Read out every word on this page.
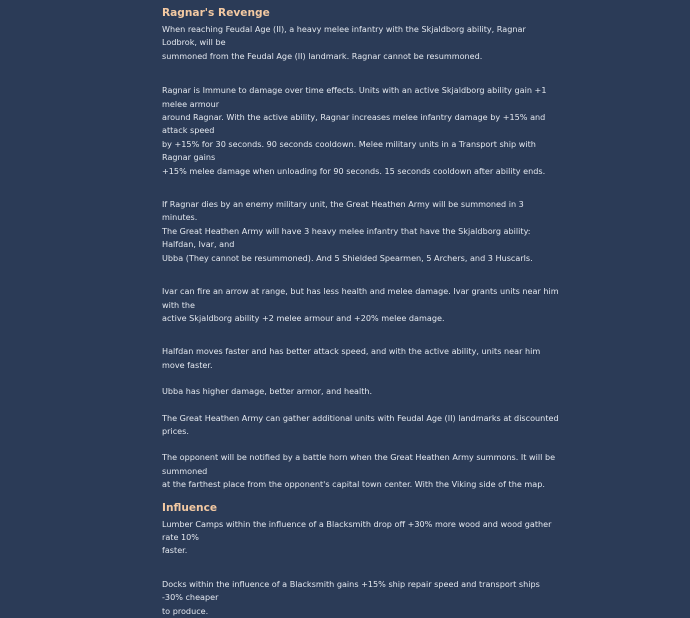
Ragnar's Revenge

When reaching Feudal Age (II), a heavy melee infantry with the Skjaldborg ability, Ragnar Lodbrok, will be
summoned from the Feudal Age (II) landmark. Ragnar cannot be resummoned.

Ragnar is Immune to damage over time effects. Units with an active Skjaldborg ability gain +1 melee armour
around Ragnar. With the active ability, Ragnar increases melee infantry damage by +15% and attack speed
by +15% for 30 seconds. 90 seconds cooldown. Melee military units in a Transport ship with Ragnar gains
+15% melee damage when unloading for 90 seconds. 15 seconds cooldown after ability ends.

If Ragnar dies by an enemy military unit, the Great Heathen Army will be summoned in 3 minutes.
The Great Heathen Army will have 3 heavy melee infantry that have the Skjaldborg ability: Halfdan, Ivar, and
Ubba (They cannot be resummoned). And 5 Shielded Spearmen, 5 Archers, and 3 Huscarls.

Ivar can fire an arrow at range, but has less health and melee damage. Ivar grants units near him with the
active Skjaldborg ability +2 melee armour and +20% melee damage.

Halfdan moves faster and has better attack speed, and with the active ability, units near him move faster.

Ubba has higher damage, better armor, and health.

The Great Heathen Army can gather additional units with Feudal Age (II) landmarks at discounted prices.

The opponent will be notified by a battle horn when the Great Heathen Army summons. It will be summoned
at the farthest place from the opponent's capital town center. With the Viking side of the map.

Influence

Lumber Camps within the influence of a Blacksmith drop off +30% more wood and wood gather rate 10%
faster.

Docks within the influence of a Blacksmith gains +15% ship repair speed and transport ships -30% cheaper
to produce.
